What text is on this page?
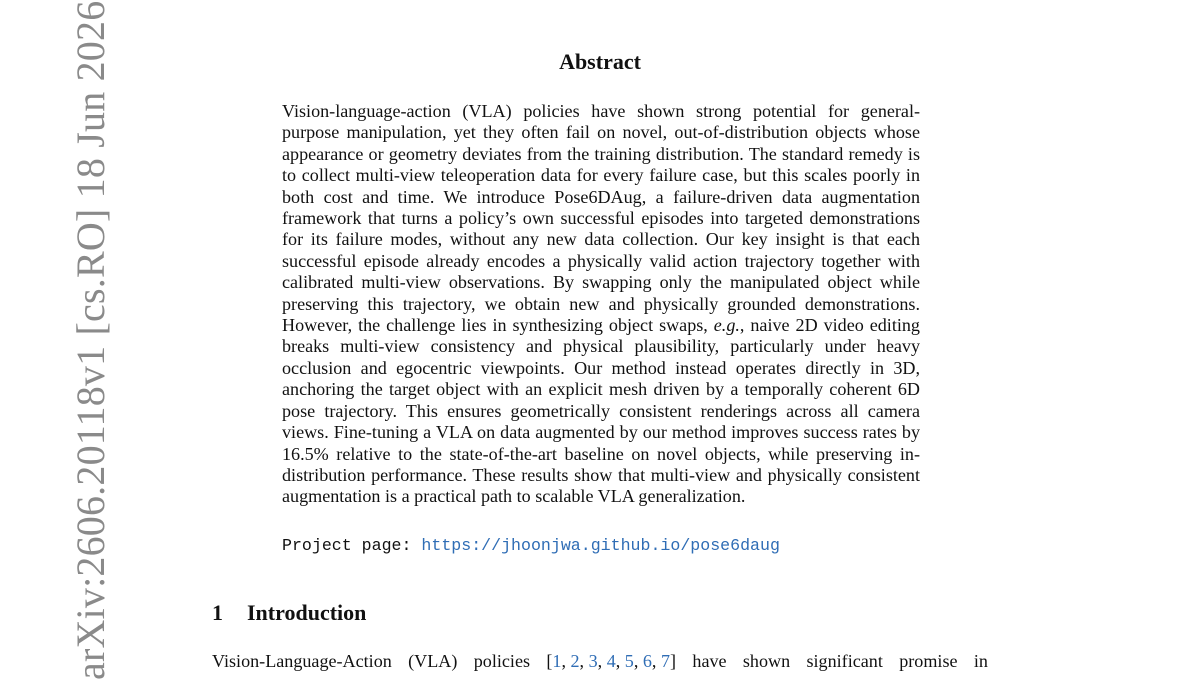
arXiv:2606.20118v1 [cs.RO] 18 Jun 2026	Abstract

Vision-language-action (VLA) policies have shown strong potential for general-purpose manipulation, yet they often fail on novel, out-of-distribution objects whose appearance or geometry deviates from the training distribution. The standard remedy is to collect multi-view teleoperation data for every failure case, but this scales poorly in both cost and time. We introduce Pose6DAug, a failure-driven data augmentation framework that turns a policy’s own successful episodes into targeted demonstrations for its failure modes, without any new data collection. Our key insight is that each successful episode already encodes a physically valid action trajectory together with calibrated multi-view observations. By swapping only the manipulated object while preserving this trajectory, we obtain new and physically grounded demonstrations. However, the challenge lies in synthesizing object swaps, e.g., naive 2D video editing breaks multi-view consistency and physical plausibility, particularly under heavy occlusion and egocentric viewpoints. Our method instead operates directly in 3D, anchoring the target object with an explicit mesh driven by a temporally coherent 6D pose trajectory. This ensures geometrically consistent renderings across all camera views. Fine-tuning a VLA on data augmented by our method improves success rates by 16.5% relative to the state-of-the-art baseline on novel objects, while preserving in-distribution performance. These results show that multi-view and physically consistent augmentation is a practical path to scalable VLA generalization.

Project page: https://jhoonjwa.github.io/pose6daug
1 Introduction
Vision-Language-Action (VLA) policies [1, 2, 3, 4, 5, 6, 7] have shown significant promise in
